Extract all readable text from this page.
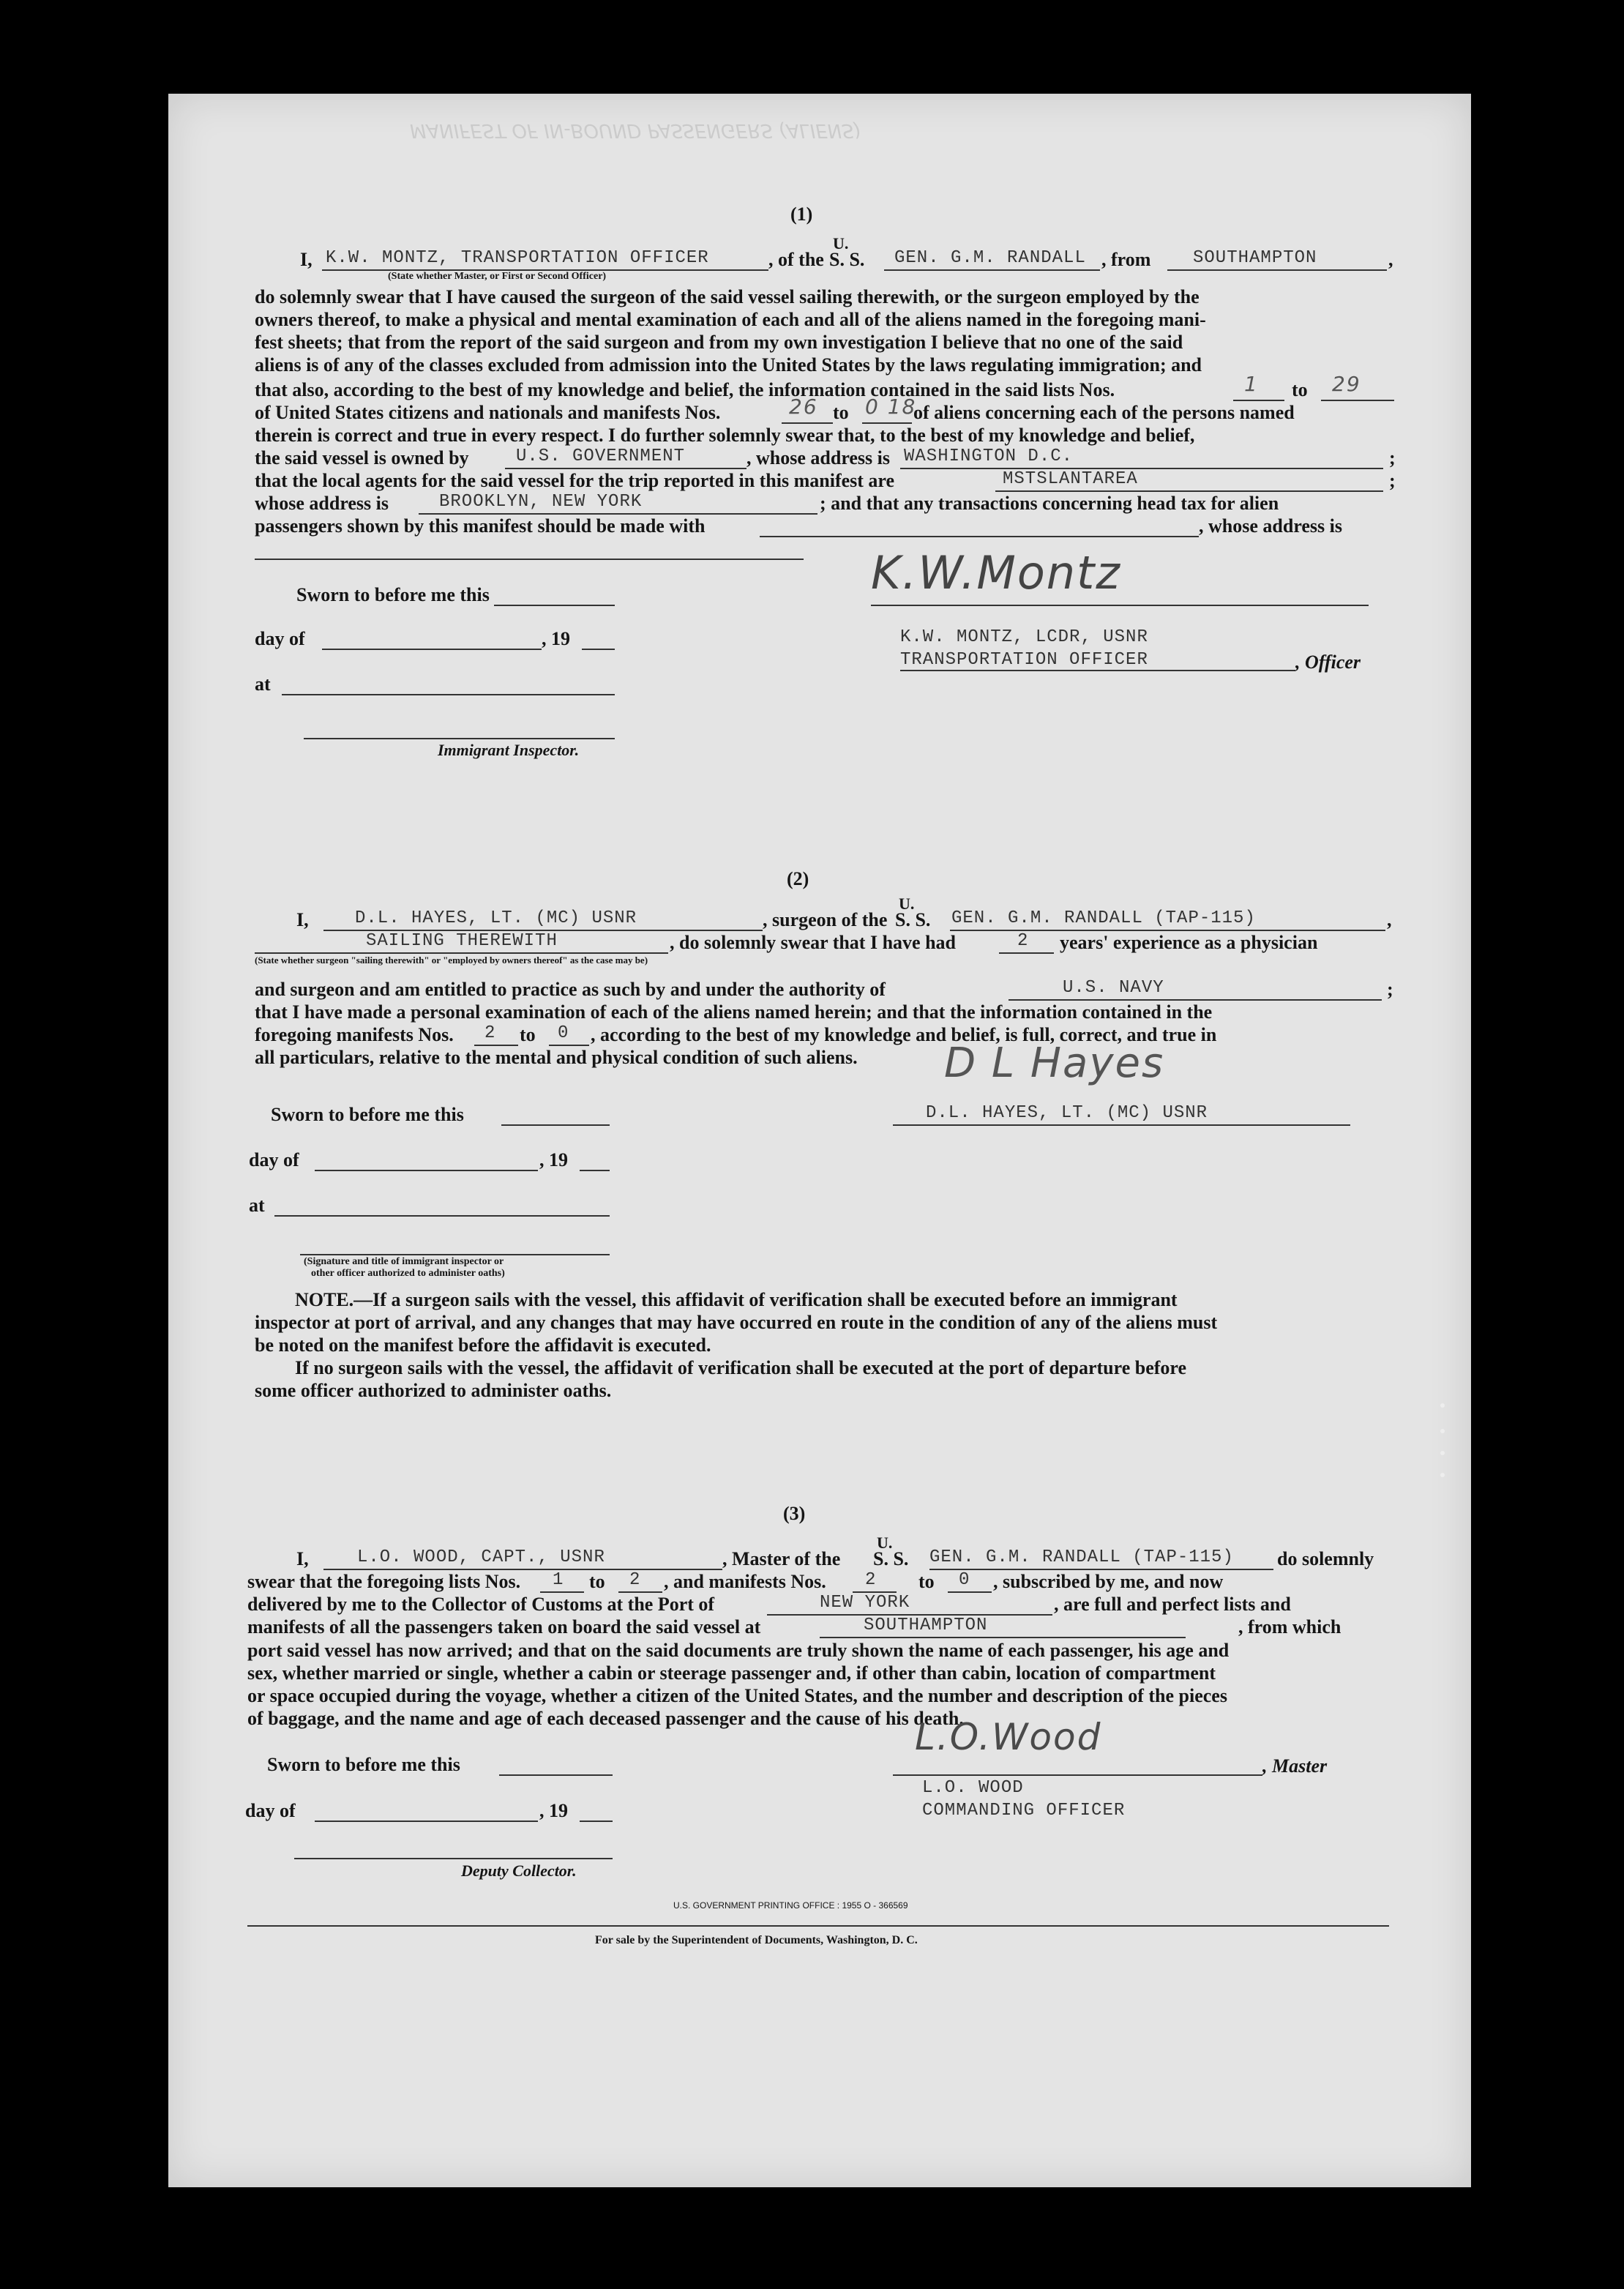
MANIFEST OF IN-BOUND PASSENGERS (ALIENS)
(1)
I, K.W. MONTZ, TRANSPORTATION OFFICER	, of the
U.
S. S. GEN. G.M. RANDALL , from SOUTHAMPTON	,
(State whether Master, or First or Second Officer)
do solemnly swear that I have caused the surgeon of the said vessel sailing therewith, or the surgeon employed by the
owners thereof, to make a physical and mental examination of each and all of the aliens named in the foregoing mani-
fest sheets; that from the report of the said surgeon and from my own investigation I believe that no one of the said
aliens is of any of the classes excluded from admission into the United States by the laws regulating immigration; and
that also, according to the best of my knowledge and belief, the information contained in the said lists Nos.	1 to 29
of United States citizens and nationals and manifests Nos.	26 to 0 18
of aliens concerning each of the persons named
therein is correct and true in every respect. I do further solemnly swear that, to the best of my knowledge and belief,
the said vessel is owned by	U.S. GOVERNMENT	, whose address is WASHINGTON D.C.	;
that the local agents for the said vessel for the trip reported in this manifest are	MSTSLANTAREA	;
whose address is	BROOKLYN, NEW YORK	; and that any transactions concerning head tax for alien
passengers shown by this manifest should be made with	, whose address is
Sworn to before me this
day of	, 19
at
Immigrant Inspector.
K.W.Montz
K.W. MONTZ, LCDR, USNR
TRANSPORTATION OFFICER	, Officer
(2)
I,	D.L. HAYES, LT. (MC) USNR	, surgeon of the
U.
S. S. GEN. G.M. RANDALL (TAP-115)	,
SAILING THEREWITH	, do solemnly swear that I have had	2 years' experience as a physician
(State whether surgeon "sailing therewith" or "employed by owners thereof" as the case may be)
and surgeon and am entitled to practice as such by and under the authority of	U.S. NAVY	;
that I have made a personal examination of each of the aliens named herein; and that the information contained in the
foregoing manifests Nos. 2 to 0 , according to the best of my knowledge and belief, is full, correct, and true in
all particulars, relative to the mental and physical condition of such aliens.
Sworn to before me this
day of	, 19
at
(Signature and title of immigrant inspector or
other officer authorized to administer oaths)
D L Hayes
D.L. HAYES, LT. (MC) USNR
NOTE.—If a surgeon sails with the vessel, this affidavit of verification shall be executed before an immigrant
inspector at port of arrival, and any changes that may have occurred en route in the condition of any of the aliens must
be noted on the manifest before the affidavit is executed.
If no surgeon sails with the vessel, the affidavit of verification shall be executed at the port of departure before
some officer authorized to administer oaths.
(3)
I,	L.O. WOOD, CAPT., USNR	, Master of the
U.
S. S. GEN. G.M. RANDALL (TAP-115) do solemnly
swear that the foregoing lists Nos. 1 to 2 , and manifests Nos. 2 to 0 , subscribed by me, and now
delivered by me to the Collector of Customs at the Port of	NEW YORK	, are full and perfect lists and
manifests of all the passengers taken on board the said vessel at	SOUTHAMPTON	, from which
port said vessel has now arrived; and that on the said documents are truly shown the name of each passenger, his age and
sex, whether married or single, whether a cabin or steerage passenger and, if other than cabin, location of compartment
or space occupied during the voyage, whether a citizen of the United States, and the number and description of the pieces
of baggage, and the name and age of each deceased passenger and the cause of his death.
Sworn to before me this
day of	, 19
Deputy Collector.
L.O.Wood
, Master
L.O. WOOD
COMMANDING OFFICER
U.S. GOVERNMENT PRINTING OFFICE : 1955 O - 366569
For sale by the Superintendent of Documents, Washington, D. C.
